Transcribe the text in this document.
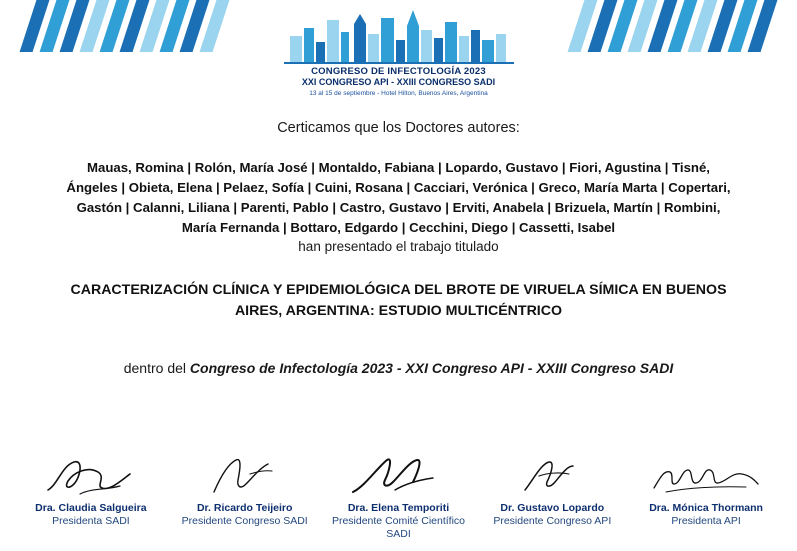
CONGRESO DE INFECTOLOGÍA 2023
XXI CONGRESO API - XXIII CONGRESO SADI
13 al 15 de septiembre - Hotel Hilton, Buenos Aires, Argentina
Certicamos que los Doctores autores:
Mauas, Romina | Rolón, María José | Montaldo, Fabiana | Lopardo, Gustavo | Fiori, Agustina | Tisné, Ángeles | Obieta, Elena | Pelaez, Sofía | Cuini, Rosana | Cacciari, Verónica | Greco, María Marta | Copertari, Gastón | Calanni, Liliana | Parenti, Pablo | Castro, Gustavo | Erviti, Anabela | Brizuela, Martín | Rombini, María Fernanda | Bottaro, Edgardo | Cecchini, Diego | Cassetti, Isabel
han presentado el trabajo titulado
CARACTERIZACIÓN CLÍNICA Y EPIDEMIOLÓGICA DEL BROTE DE VIRUELA SÍMICA EN BUENOS AIRES, ARGENTINA: ESTUDIO MULTICÉNTRICO
dentro del Congreso de Infectología 2023 - XXI Congreso API - XXIII Congreso SADI
Dra. Claudia Salgueira
Presidenta SADI
Dr. Ricardo Teijeiro
Presidente Congreso SADI
Dra. Elena Temporiti
Presidente Comité Científico SADI
Dr. Gustavo Lopardo
Presidente Congreso API
Dra. Mónica Thormann
Presidenta API
